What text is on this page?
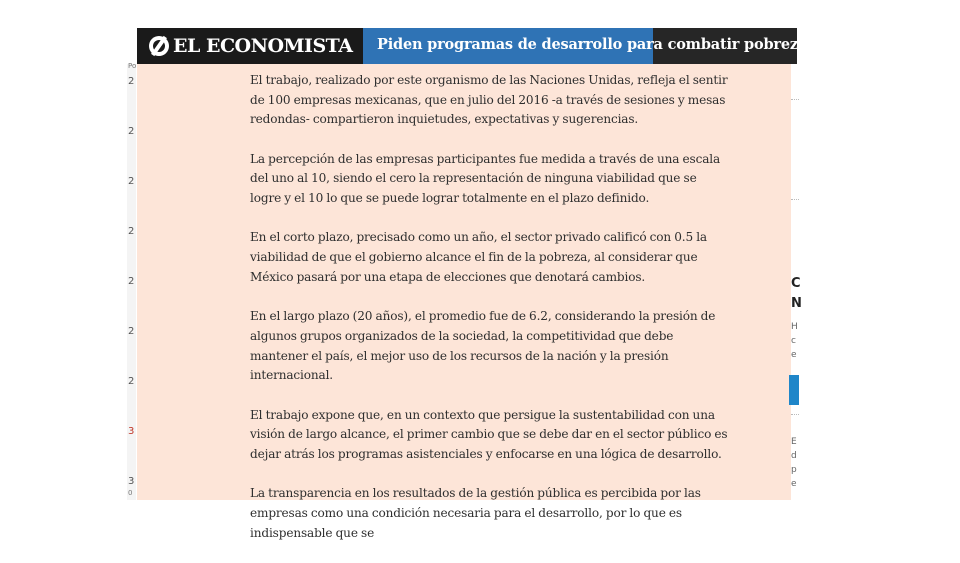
Po
2
2
2
2
2
2
2
3
3
0
EL ECONOMISTA Piden programas de desarrollo para combatir pobreza

El trabajo, realizado por este organismo de las Naciones Unidas, refleja el sentir de 100 empresas mexicanas, que en julio del 2016 -a través de sesiones y mesas redondas- compartieron inquietudes, expectativas y sugerencias.

La percepción de las empresas participantes fue medida a través de una escala del uno al 10, siendo el cero la representación de ninguna viabilidad que se logre y el 10 lo que se puede lograr totalmente en el plazo definido.

En el corto plazo, precisado como un año, el sector privado calificó con 0.5 la viabilidad de que el gobierno alcance el fin de la pobreza, al considerar que México pasará por una etapa de elecciones que denotará cambios.

En el largo plazo (20 años), el promedio fue de 6.2, considerando la presión de algunos grupos organizados de la sociedad, la competitividad que debe mantener el país, el mejor uso de los recursos de la nación y la presión internacional.

El trabajo expone que, en un contexto que persigue la sustentabilidad con una visión de largo alcance, el primer cambio que se debe dar en el sector público es dejar atrás los programas asistenciales y enfocarse en una lógica de desarrollo.

La transparencia en los resultados de la gestión pública es percibida por las empresas como una condición necesaria para el desarrollo, por lo que es indispensable que se

C
N
H
c
e
E
d
p
e
